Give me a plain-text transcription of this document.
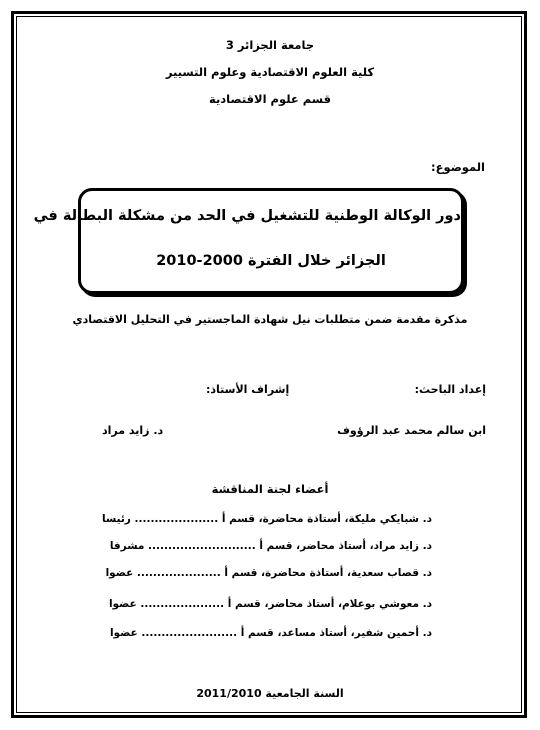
جامعة الجزائر 3
كلية العلوم الاقتصادية وعلوم التسيير
قسم علوم الاقتصادية
الموضوع:
دور الوكالة الوطنية للتشغيل في الحد من مشكلة البطالة في
الجزائر خلال الفترة 2000-2010
مذكرة مقدمة ضمن متطلبات نيل شهادة الماجستير في التحليل الاقتصادي
إعداد الباحث:
إشراف الأستاذ:
ابن سالم محمد عبد الرؤوف
د. زايد مراد
أعضاء لجنة المناقشة
د. شبايكي مليكة، أستاذة محاضرة، قسم أ ..................... رئيسا
د. زايد مراد، أستاذ محاضر، قسم أ ........................... مشرفا
د. قصاب سعدية، أستاذة محاضرة، قسم أ ..................... عضوا
د. معوشي بوعلام، أستاذ محاضر، قسم أ ..................... عضوا
د. أحمين شفير، أستاذ مساعد، قسم أ ........................ عضوا
السنة الجامعية 2011/2010
